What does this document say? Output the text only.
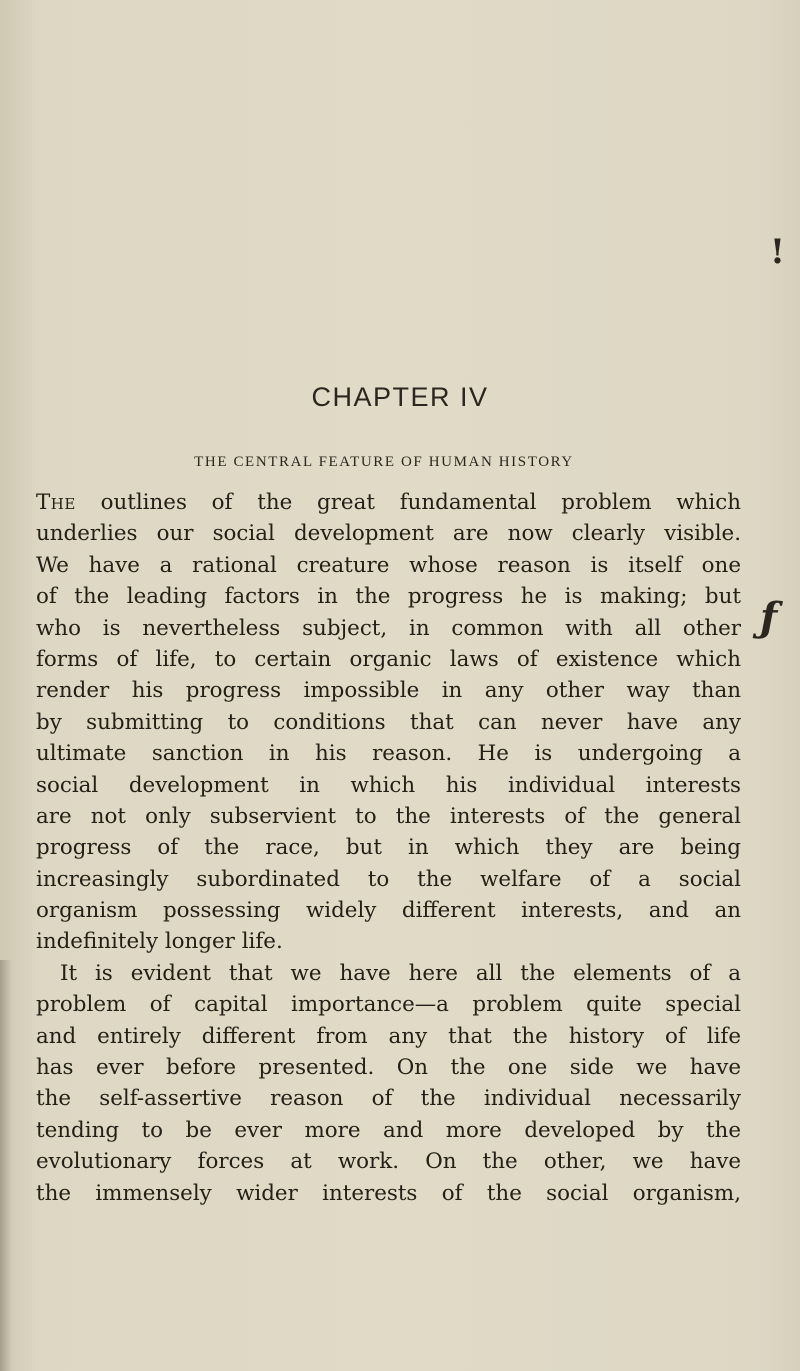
!
ƒ
CHAPTER IV
THE CENTRAL FEATURE OF HUMAN HISTORY
The outlines of the great fundamental problem which
underlies our social development are now clearly visible.
We have a rational creature whose reason is itself one
of the leading factors in the progress he is making; but
who is nevertheless subject, in common with all other
forms of life, to certain organic laws of existence which
render his progress impossible in any other way than
by submitting to conditions that can never have any
ultimate sanction in his reason. He is undergoing a
social development in which his individual interests
are not only subservient to the interests of the general
progress of the race, but in which they are being
increasingly subordinated to the welfare of a social
organism possessing widely different interests, and an
indefinitely longer life.
It is evident that we have here all the elements of a
problem of capital importance—a problem quite special
and entirely different from any that the history of life
has ever before presented. On the one side we have
the self-assertive reason of the individual necessarily
tending to be ever more and more developed by the
evolutionary forces at work. On the other, we have
the immensely wider interests of the social organism,
